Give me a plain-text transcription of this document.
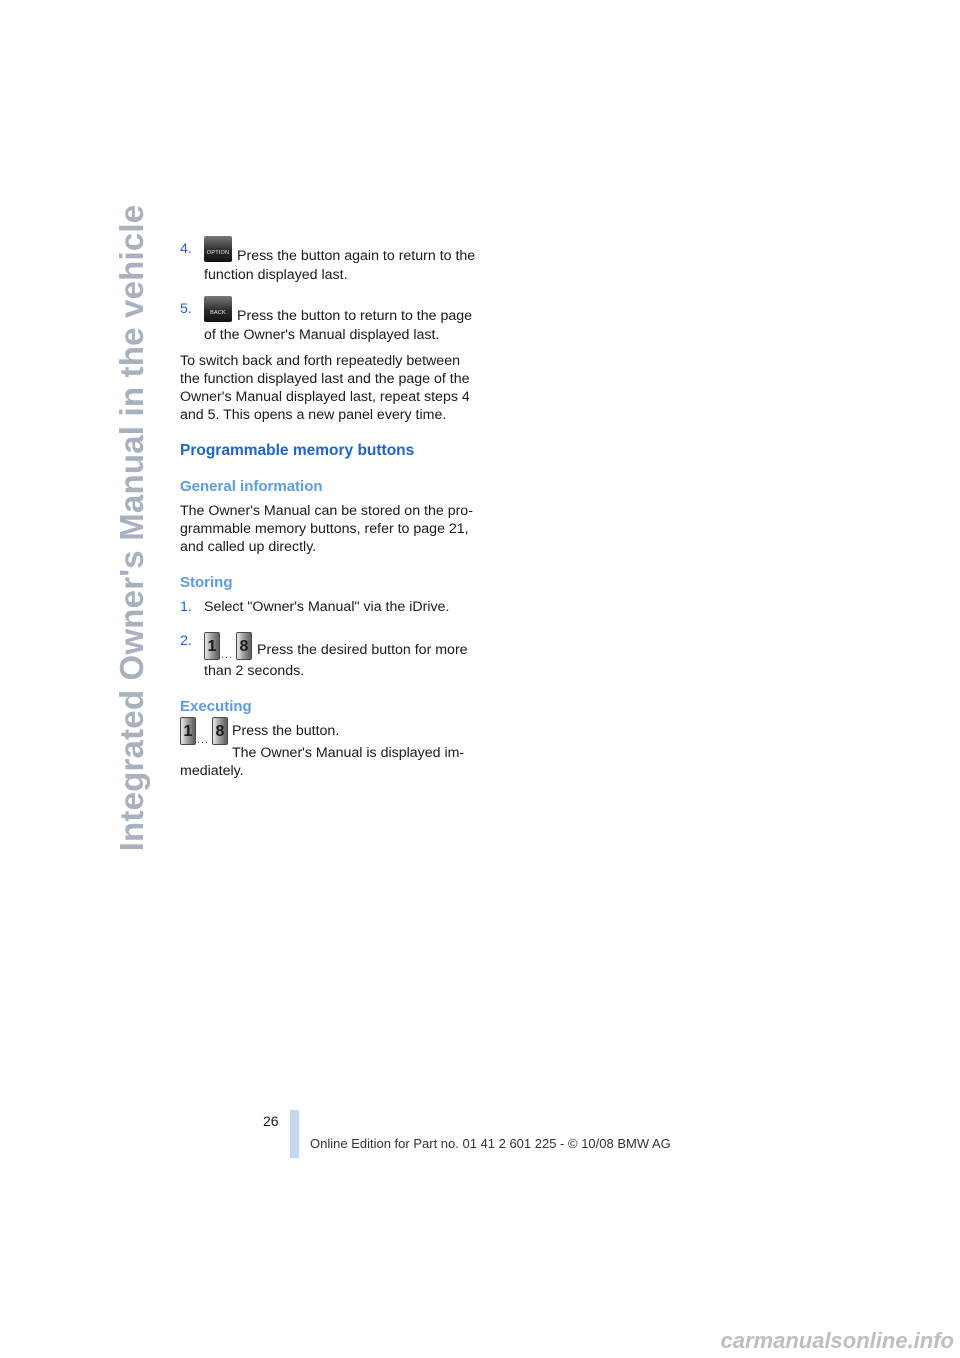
Integrated Owner's Manual in the vehicle 4.	OPTION Press the button again to return to the function displayed last.
5.	BACK Press the button to return to the page of the Owner's Manual displayed last.

To switch back and forth repeatedly between the function displayed last and the page of the Owner's Manual displayed last, repeat steps 4 and 5. This opens a new panel every time.

Programmable memory buttons
General information

The Owner's Manual can be stored on the pro-grammable memory buttons, refer to page 21, and called up directly.

Storing
1. Select "Owner's Manual" via the iDrive.
2. 1 ... 8 Press the desired button for more than 2 seconds.
Executing
1 ... 8 Press the button.

The Owner's Manual is displayed im-mediately.

26
Online Edition for Part no. 01 41 2 601 225 - © 10/08 BMW AG
carmanualsonline.info
